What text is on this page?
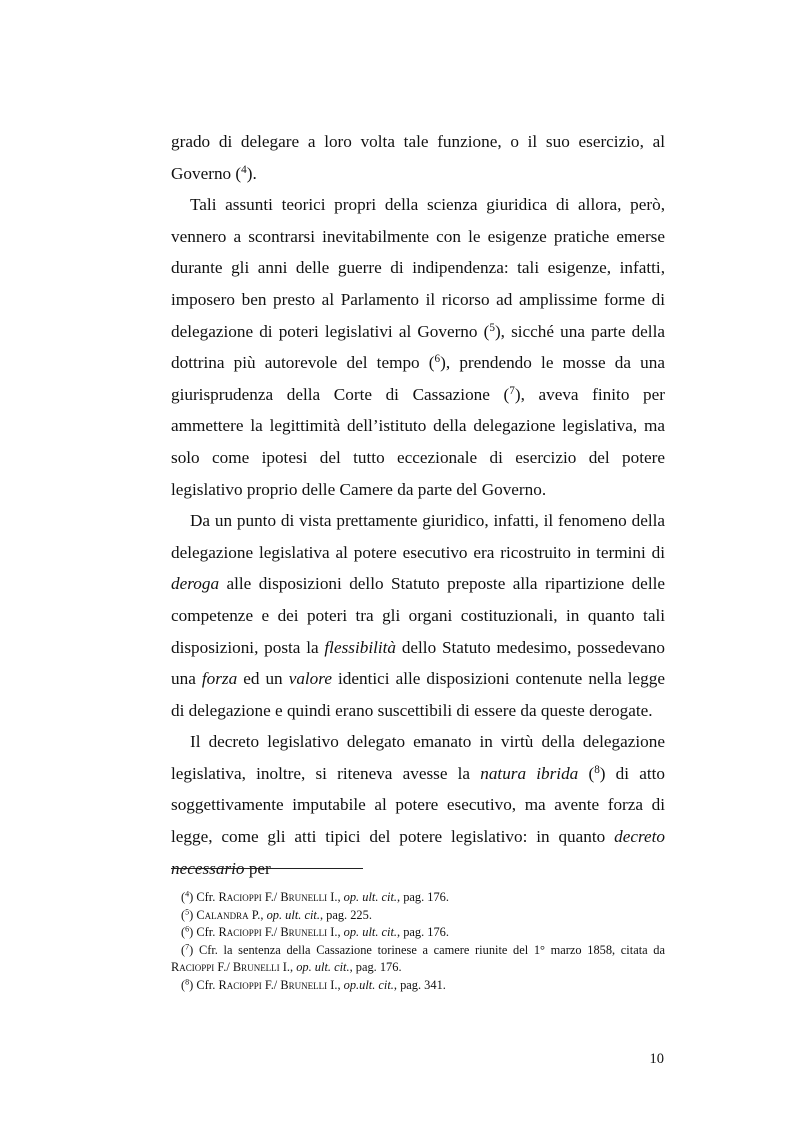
grado di delegare a loro volta tale funzione, o il suo esercizio, al Governo ($^4$).

Tali assunti teorici propri della scienza giuridica di allora, però, vennero a scontrarsi inevitabilmente con le esigenze pratiche emerse durante gli anni delle guerre di indipendenza: tali esigenze, infatti, imposero ben presto al Parlamento il ricorso ad amplissime forme di delegazione di poteri legislativi al Governo ($^5$), sicché una parte della dottrina più autorevole del tempo ($^6$), prendendo le mosse da una giurisprudenza della Corte di Cassazione ($^7$), aveva finito per ammettere la legittimità dell’istituto della delegazione legislativa, ma solo come ipotesi del tutto eccezionale di esercizio del potere legislativo proprio delle Camere da parte del Governo.

Da un punto di vista prettamente giuridico, infatti, il fenomeno della delegazione legislativa al potere esecutivo era ricostruito in termini di deroga alle disposizioni dello Statuto preposte alla ripartizione delle competenze e dei poteri tra gli organi costituzionali, in quanto tali disposizioni, posta la flessibilità dello Statuto medesimo, possedevano una forza ed un valore identici alle disposizioni contenute nella legge di delegazione e quindi erano suscettibili di essere da queste derogate.

Il decreto legislativo delegato emanato in virtù della delegazione legislativa, inoltre, si riteneva avesse la natura ibrida ($^8$) di atto soggettivamente imputabile al potere esecutivo, ma avente forza di legge, come gli atti tipici del potere legislativo: in quanto decreto necessario per

($^4$) Cfr. Racioppi F./ Brunelli I., op. ult. cit., pag. 176.

($^5$) Calandra P., op. ult. cit., pag. 225.

($^6$) Cfr. Racioppi F./ Brunelli I., op. ult. cit., pag. 176.

($^7$) Cfr. la sentenza della Cassazione torinese a camere riunite del 1° marzo 1858, citata da Racioppi F./ Brunelli I., op. ult. cit., pag. 176.

($^8$) Cfr. Racioppi F./ Brunelli I., op.ult. cit., pag. 341.

10
